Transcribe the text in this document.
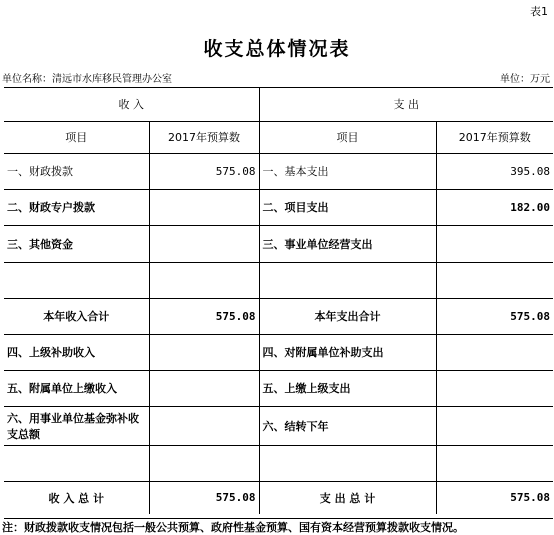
表1
收支总体情况表
单位名称：清远市水库移民管理办公室	单位：万元
收 入		支 出	
项目	2017年预算数	项目	2017年预算数
一、财政拨款	575.08	一、基本支出	395.08
二、财政专户拨款		二、项目支出	182.00
三、其他资金		三、事业单位经营支出	

本年收入合计	575.08	本年支出合计	575.08
四、上级补助收入		四、对附属单位补助支出	
五、附属单位上缴收入		五、上缴上级支出	
六、用事业单位基金弥补收支总额		六、结转下年	

收 入 总 计	575.08	支 出 总 计	575.08
注：财政拨款收支情况包括一般公共预算、政府性基金预算、国有资本经营预算拨款收支情况。
